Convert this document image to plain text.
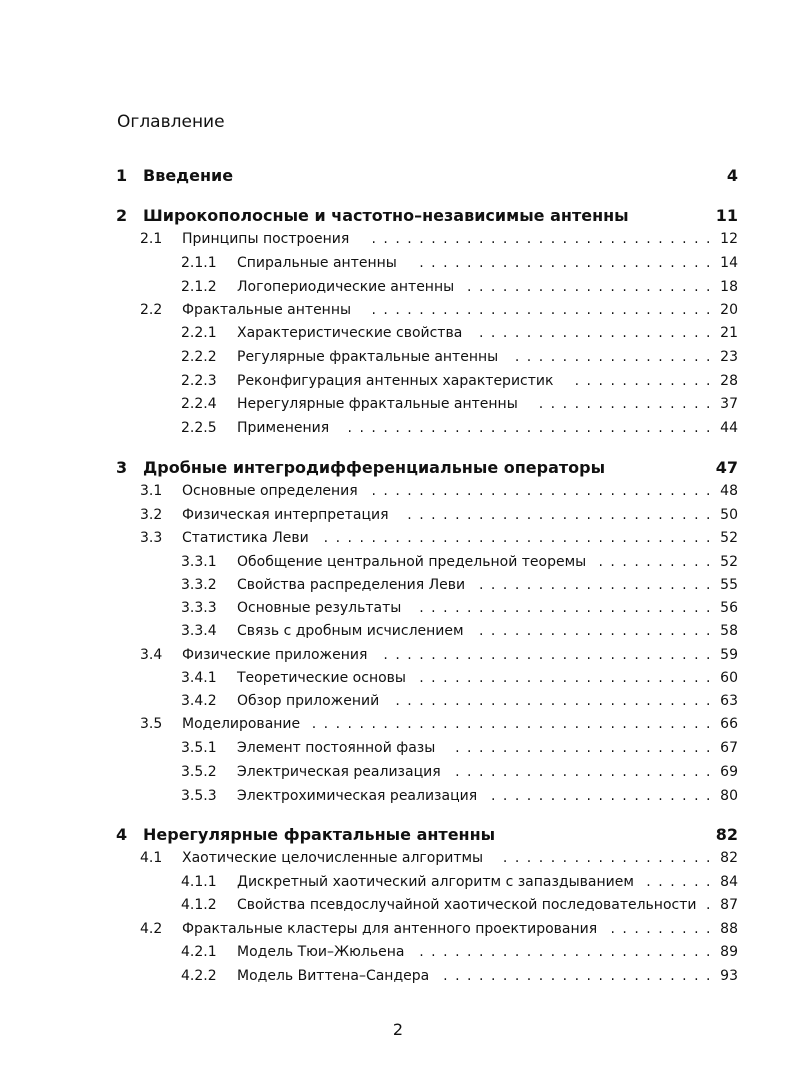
Оглавление
1 Введение	4
2 Широкополосные и частотно–независимые антенны	11
2.1 Принципы построения	............................. 12
2.1.1 Спиральные антенны	......................... 14
2.1.2 Логопериодические антенны ..................... 18
2.2 Фрактальные антенны	............................. 20
2.2.1 Характеристические свойства	.................... 21
2.2.2 Регулярные фрактальные антенны	................. 23
2.2.3 Реконфигурация антенных характеристик	............ 28
2.2.4 Нерегулярные фрактальные антенны	............... 37
2.2.5 Применения	............................... 44
3 Дробные интегродифференциальные операторы	47
3.1 Основные определения ............................. 48
3.2 Физическая интерпретация	.......................... 50
3.3 Статистика Леви	................................. 52
3.3.1 Обобщение центральной предельной теоремы .......... 52
3.3.2 Свойства распределения Леви .................... 55
3.3.3 Основные результаты	......................... 56
3.3.4 Связь с дробным исчислением	.................... 58
3.4 Физические приложения	............................ 59
3.4.1 Теоретические основы ......................... 60
3.4.2 Обзор приложений	........................... 63
3.5 Моделирование .................................. 66
3.5.1 Элемент постоянной фазы	...................... 67
3.5.2 Электрическая реализация ...................... 69
3.5.3 Электрохимическая реализация ................... 80
4 Нерегулярные фрактальные антенны	82
4.1 Хаотические целочисленные алгоритмы	.................. 82
4.1.1 Дискретный хаотический алгоритм с запаздыванием ...... 84
4.1.2 Свойства псевдослучайной хаотической последовательности . 87
4.2 Фрактальные кластеры для антенного проектирования ......... 88
4.2.1 Модель Тюи–Жюльена	......................... 89
4.2.2 Модель Виттена–Сандера ....................... 93
2
